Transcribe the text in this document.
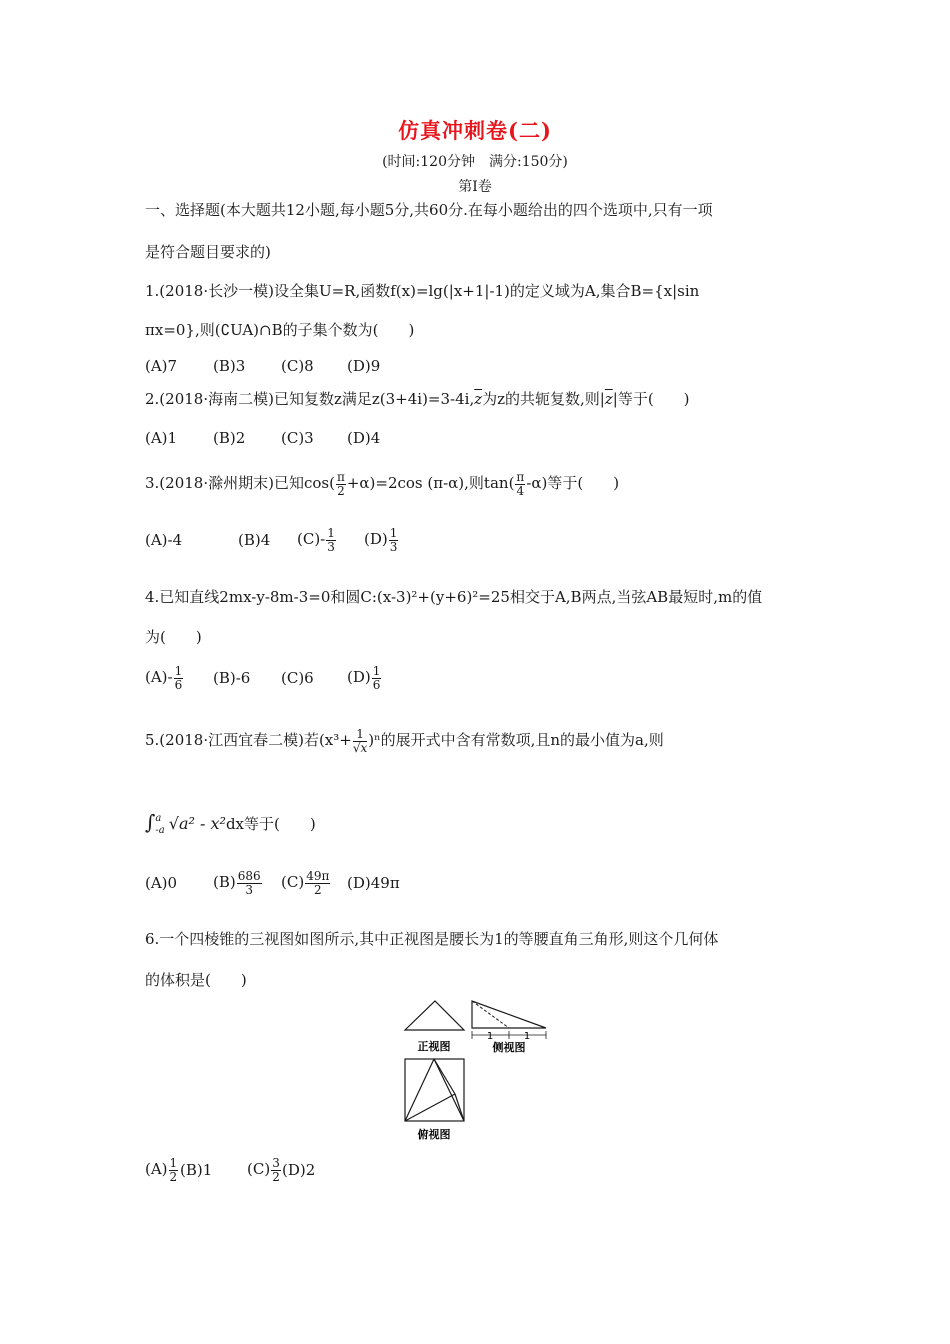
仿真冲刺卷(二)
(时间:120分钟　满分:150分)
第Ⅰ卷
一、选择题(本大题共12小题,每小题5分,共60分.在每小题给出的四个选项中,只有一项
是符合题目要求的)
1.(2018·长沙一模)设全集U=R,函数f(x)=lg(|x+1|-1)的定义域为A,集合B={x|sin
πx=0},则(∁UA)∩B的子集个数为(　　)
(A)7 (B)3 (C)8 (D)9
2.(2018·海南二模)已知复数z满足$z(3+4i)=3-4i,\overline{z}$为z的共轭复数,则$|\overline{z}|$等于(　　)
(A)1 (B)2 (C)3 (D)4
3.(2018·滁州期末)已知$\cos( \frac{\pi}{2} +\alpha)=2\cos$ (π-α),则$\tan( \frac{\pi}{4} -\alpha)$等于(　　)
(A)-4	(B)4 $(C)- \frac{1}{3} (D) \frac{1}{3}$
4.已知直线2mx-y-8m-3=0和圆C:(x-3)²+(y+6)²=25相交于A,B两点,当弦AB最短时,m的值
为(　　)
$(A)- \frac{1}{6} (B)-6$ (C)6 $(D) \frac{1}{6}$
5.(2018·江西宜春二模)若$(x^3+ \frac{1}{√x} )^n$的展开式中含有常数项,且n的最小值为a,则
∫ a
-a √a² - x²dx等于(　　)
(A)0 $(B) \frac{686}{3} (C) \frac{49\pi}{2} (D)49\pi$
6.一个四棱锥的三视图如图所示,其中正视图是腰长为1的等腰直角三角形,则这个几何体
的体积是(　　)
正视图
1	1
侧视图
俯视图
$(A) \frac{1}{2} (B)1$ $(C) \frac{3}{2} (D)2$
